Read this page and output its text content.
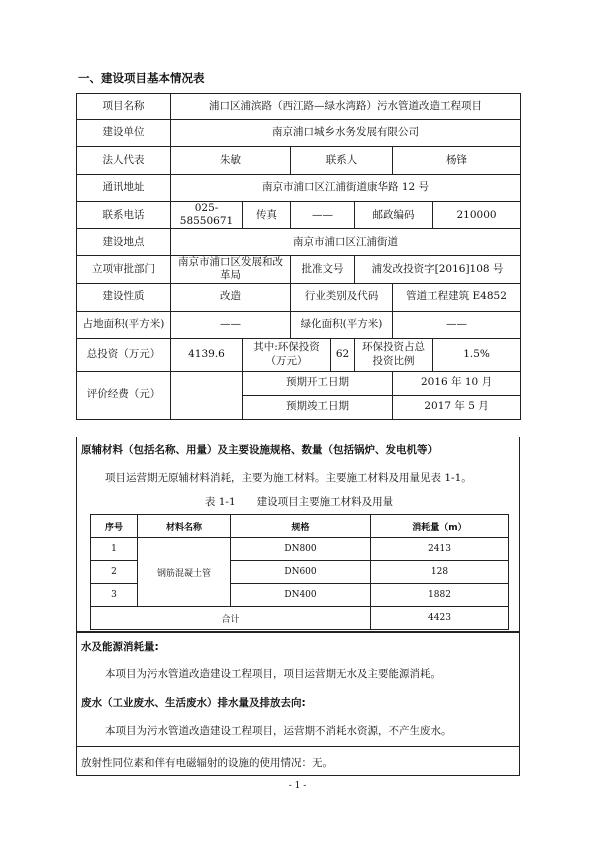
一、建设项目基本情况表
项目名称	浦口区浦滨路（西江路—绿水湾路）污水管道改造工程项目						
建设单位	南京浦口城乡水务发展有限公司						
法人代表	朱敏		联系人			杨锋	
通讯地址	南京市浦口区江浦街道康华路 12 号						
联系电话	025-58550671	传真	——		邮政编码		210000
建设地点	南京市浦口区江浦街道						
立项审批部门	南京市浦口区发展和改革局		批准文号		浦发改投资字[2016]108 号		
建设性质	改造		行业类别及代码			管道工程建筑 E4852	
占地面积(平方米)	——		绿化面积(平方米)			——	
总投资（万元）	4139.6	其中:环保投资（万元）		62	环保投资占总投资比例		1.5%
评价经费（元）		预期开工日期				2016 年 10 月	
		预期竣工日期				2017 年 5 月	
原辅材料（包括名称、用量）及主要设施规格、数量（包括锅炉、发电机等）
项目运营期无原辅材料消耗，主要为施工材料。主要施工材料及用量见表 1-1。
表 1-1　　建设项目主要施工材料及用量
序号	材料名称	规格	消耗量（m）
1	钢筋混凝土管	DN800	2413
2		DN600	128
3		DN400	1882
合计			4423
水及能源消耗量:
本项目为污水管道改造建设工程项目，项目运营期无水及主要能源消耗。
废水（工业废水、生活废水）排水量及排放去向:
本项目为污水管道改造建设工程项目，运营期不消耗水资源，不产生废水。
放射性同位素和伴有电磁辐射的设施的使用情况：无。
- 1 -
